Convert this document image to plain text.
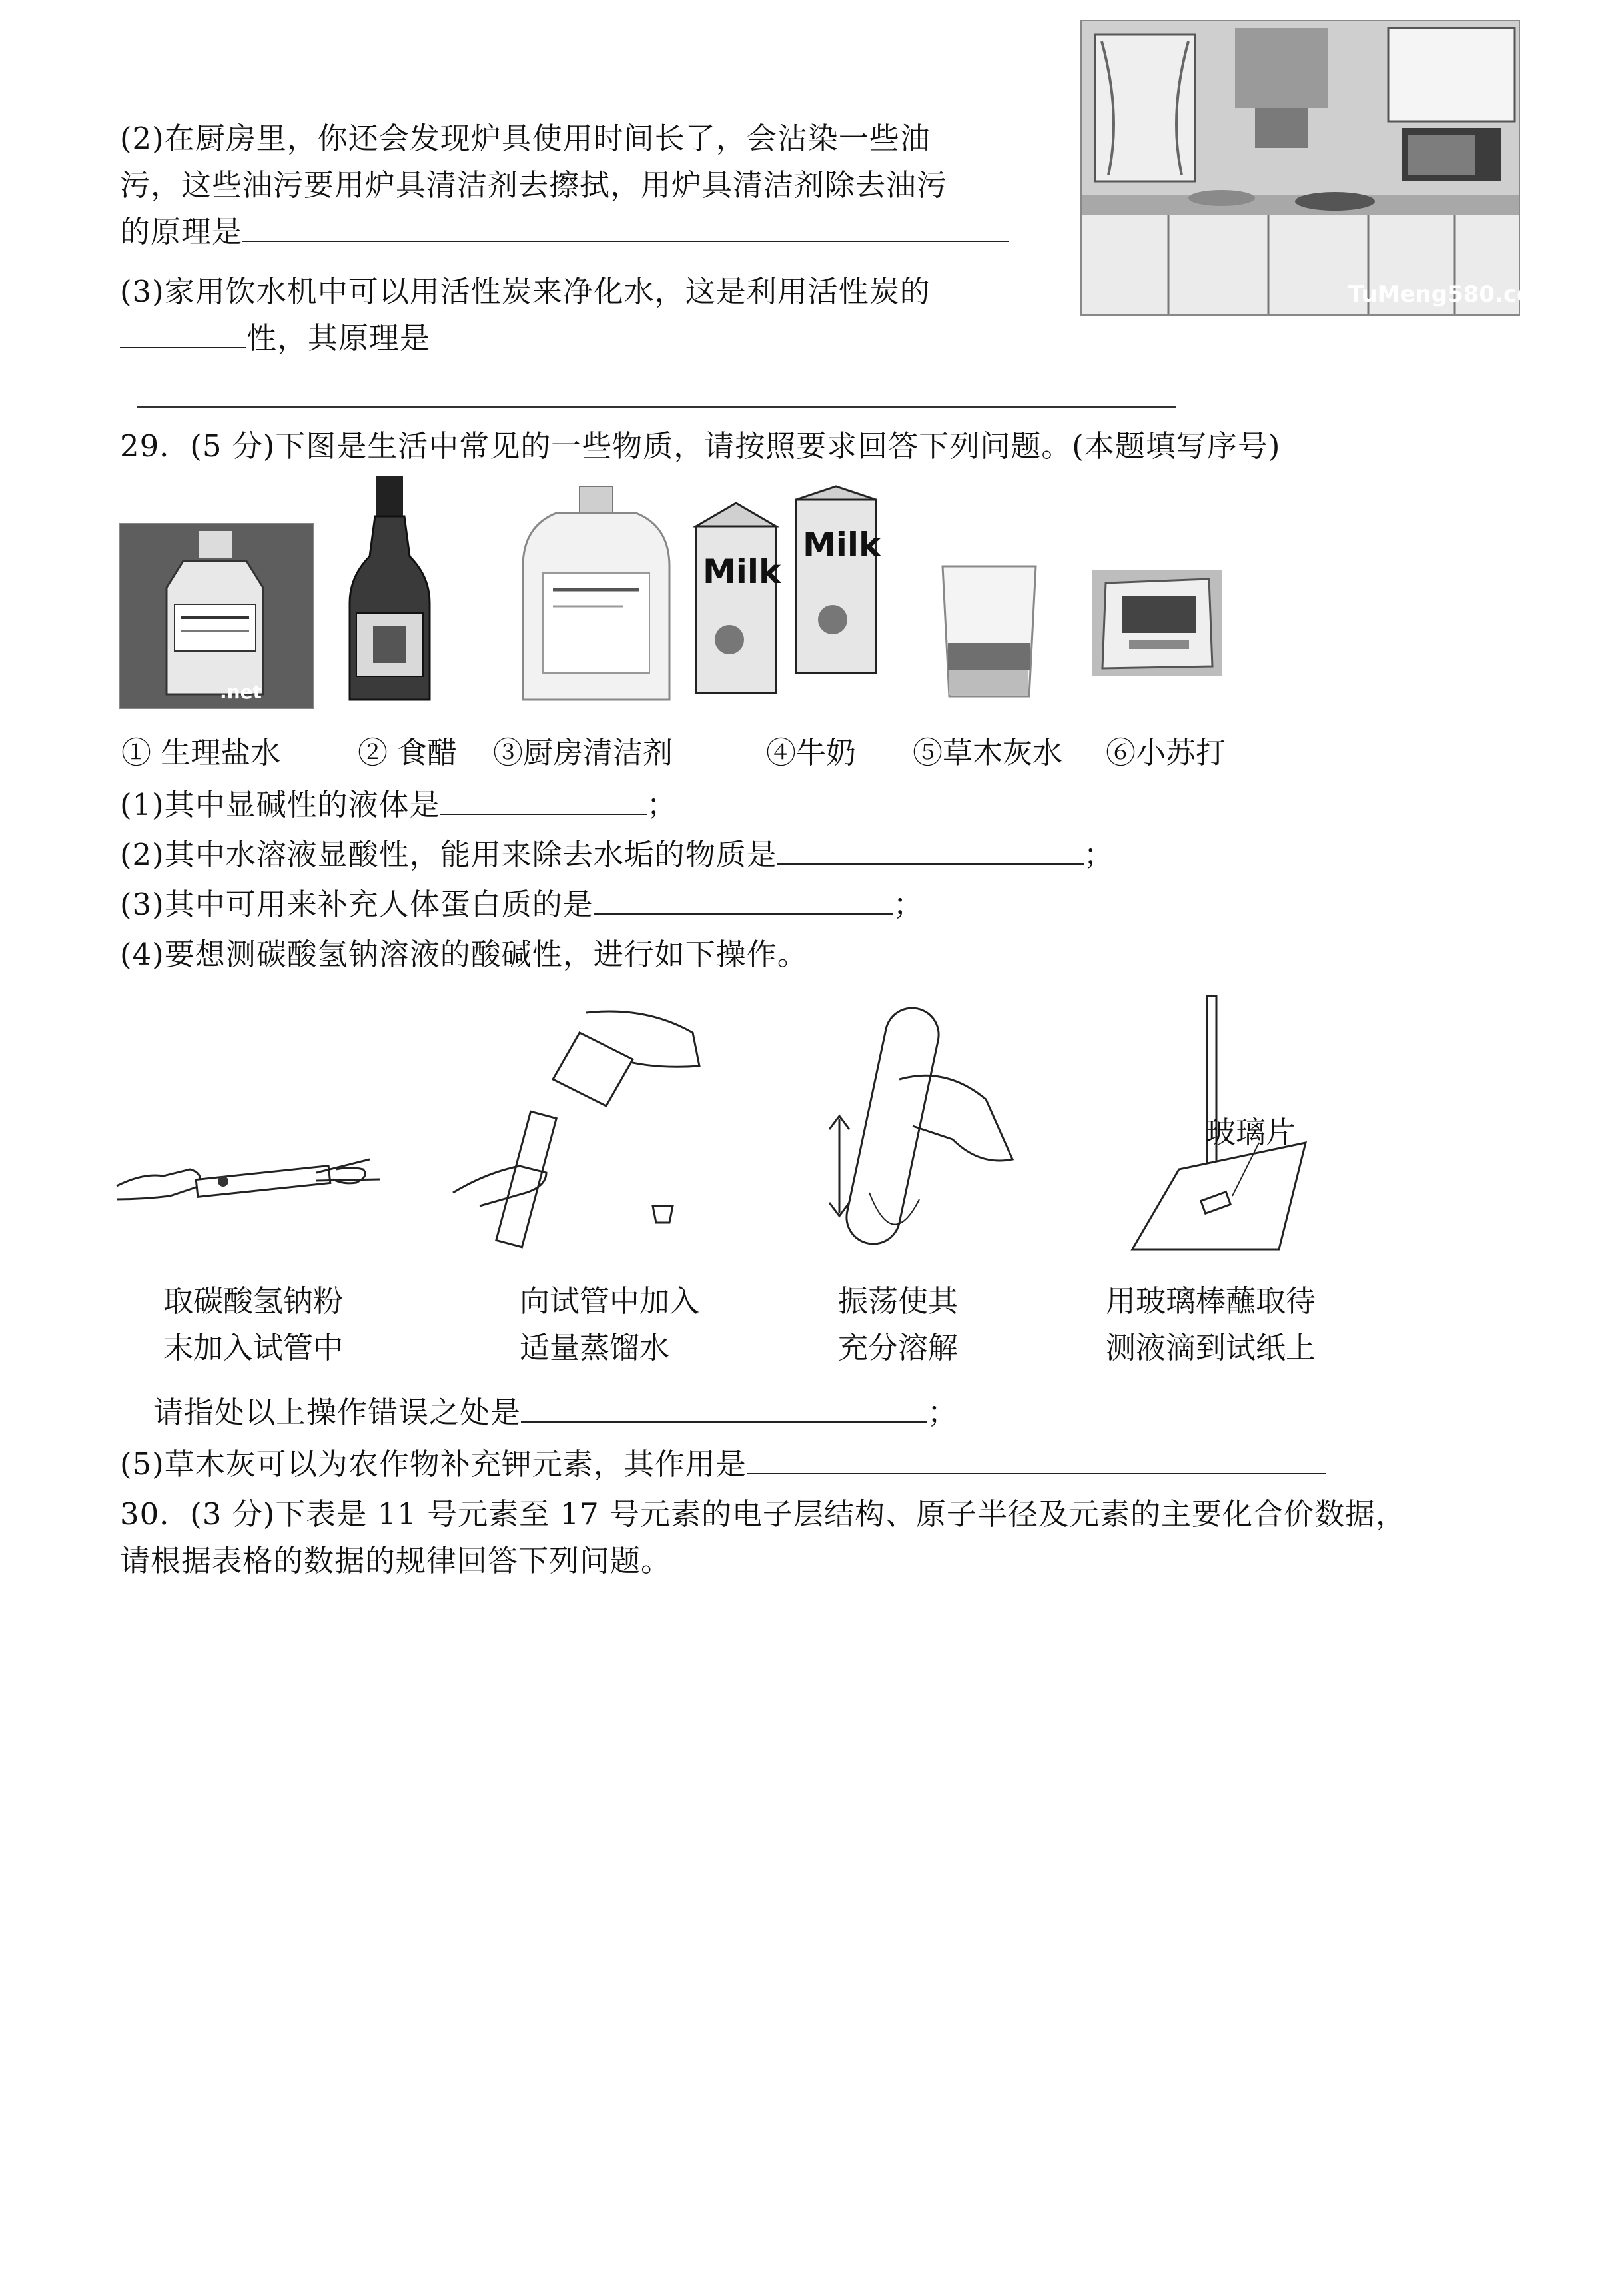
(2)在厨房里，你还会发现炉具使用时间长了，会沾染一些油
污，这些油污要用炉具清洁剂去擦拭，用炉具清洁剂除去油污
的原理是
(3)家用饮水机中可以用活性炭来净化水，这是利用活性炭的
性，其原理是
TuMeng580.com
29．(5 分)下图是生活中常见的一些物质，请按照要求回答下列问题。(本题填写序号)
.net
Milk
Milk
① 生理盐水	② 食醋 ③厨房清洁剂	④牛奶 ⑤草木灰水 ⑥小苏打
(1)其中显碱性的液体是	；
(2)其中水溶液显酸性，能用来除去水垢的物质是	；
(3)其中可用来补充人体蛋白质的是	；
(4)要想测碳酸氢钠溶液的酸碱性，进行如下操作。
玻璃片
取碳酸氢钠粉
末加入试管中
向试管中加入
适量蒸馏水
振荡使其
充分溶解
用玻璃棒蘸取待
测液滴到试纸上
请指处以上操作错误之处是	；
(5)草木灰可以为农作物补充钾元素，其作用是
30．(3 分)下表是 11 号元素至 17 号元素的电子层结构、原子半径及元素的主要化合价数据，
请根据表格的数据的规律回答下列问题。
